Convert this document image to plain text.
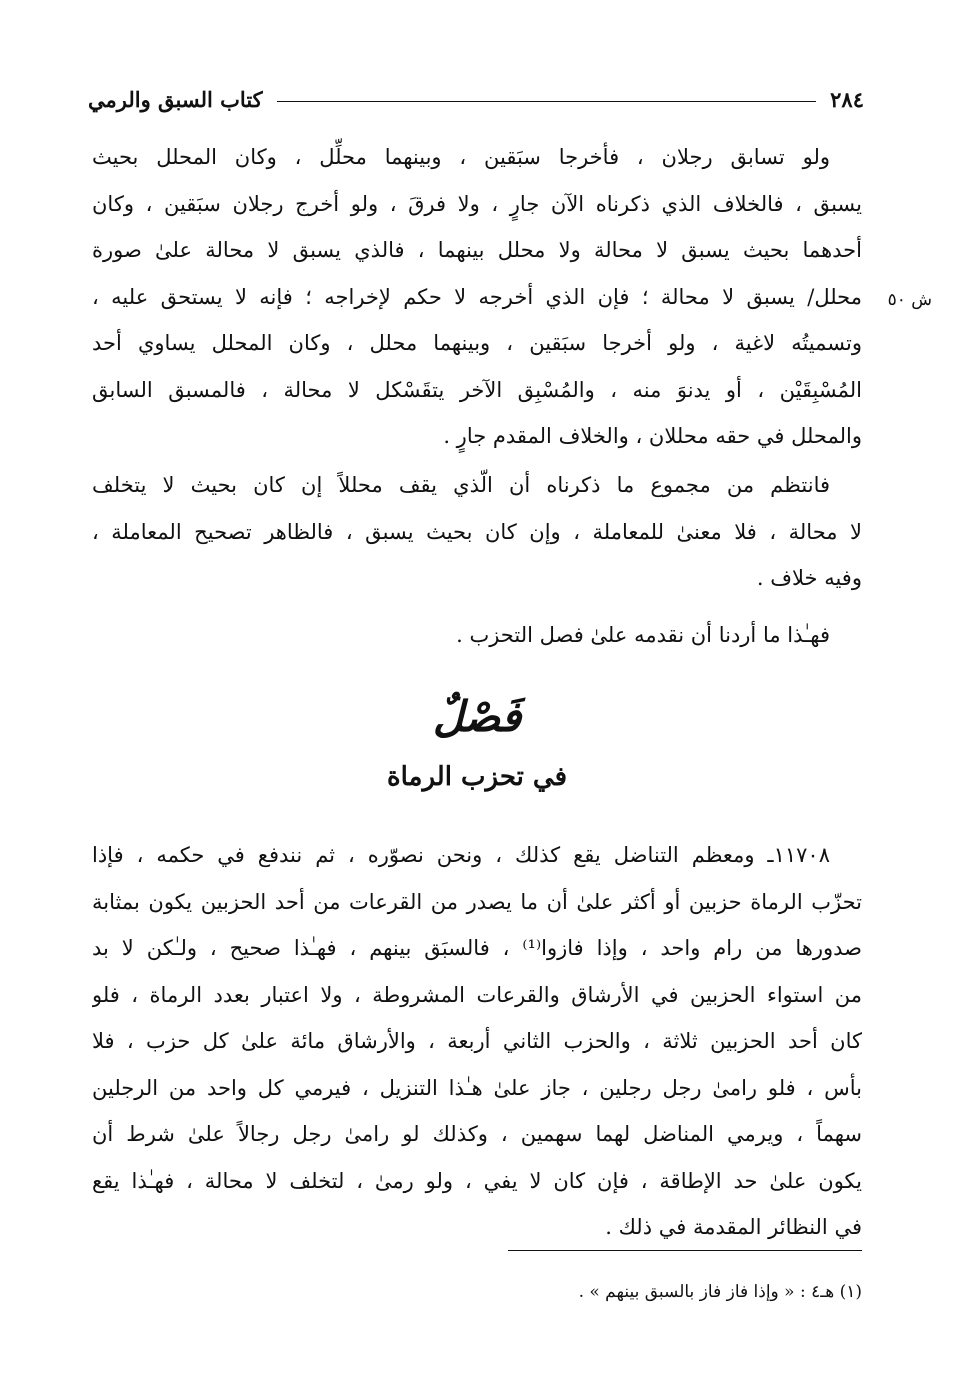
٢٨٤
كتاب السبق والرمي
ش ٥٠
ولو تسابق رجلان ، فأخرجا سبَقين ، وبينهما محلِّل ، وكان المحلل بحيث
يسبق ، فالخلاف الذي ذكرناه الآن جارٍ ، ولا فرقَ ، ولو أخرج رجلان سبَقين ، وكان
أحدهما بحيث يسبق لا محالة ولا محلل بينهما ، فالذي يسبق لا محالة علىٰ صورة
محلل/ يسبق لا محالة ؛ فإن الذي أخرجه لا حكم لإخراجه ؛ فإنه لا يستحق عليه ،
وتسميتُه لاغية ، ولو أخرجا سبَقين ، وبينهما محلل ، وكان المحلل يساوي أحد
المُسْبِقَيْن ، أو يدنوَ منه ، والمُسْبِق الآخر يتقَسْكل لا محالة ، فالمسبق السابق
والمحلل في حقه محللان ، والخلاف المقدم جارٍ .
فانتظم من مجموع ما ذكرناه أن الّذي يقف محللاً إن كان بحيث لا يتخلف
لا محالة ، فلا معنىٰ للمعاملة ، وإن كان بحيث يسبق ، فالظاهر تصحيح المعاملة ،
وفيه خلاف .
فهـٰذا ما أردنا أن نقدمه علىٰ فصل التحزب .
فَصْلٌ
في تحزب الرماة
١١٧٠٨ـ ومعظم التناضل يقع كذلك ، ونحن نصوّره ، ثم نندفع في حكمه ، فإذا
تحزّب الرماة حزبين أو أكثر علىٰ أن ما يصدر من القرعات من أحد الحزبين يكون بمثابة
صدورها من رام واحد ، وإذا فازوا⁽¹⁾ ، فالسبَق بينهم ، فهـٰذا صحيح ، ولـٰكن لا بد
من استواء الحزبين في الأرشاق والقرعات المشروطة ، ولا اعتبار بعدد الرماة ، فلو
كان أحد الحزبين ثلاثة ، والحزب الثاني أربعة ، والأرشاق مائة علىٰ كل حزب ، فلا
بأس ، فلو رامىٰ رجل رجلين ، جاز علىٰ هـٰذا التنزيل ، فيرمي كل واحد من الرجلين
سهماً ، ويرمي المناضل لهما سهمين ، وكذلك لو رامىٰ رجل رجالاً علىٰ شرط أن
يكون علىٰ حد الإطاقة ، فإن كان لا يفي ، ولو رمىٰ ، لتخلف لا محالة ، فهـٰذا يقع
في النظائر المقدمة في ذلك .
(١) هـ٤ : « وإذا فاز فاز بالسبق بينهم » .
